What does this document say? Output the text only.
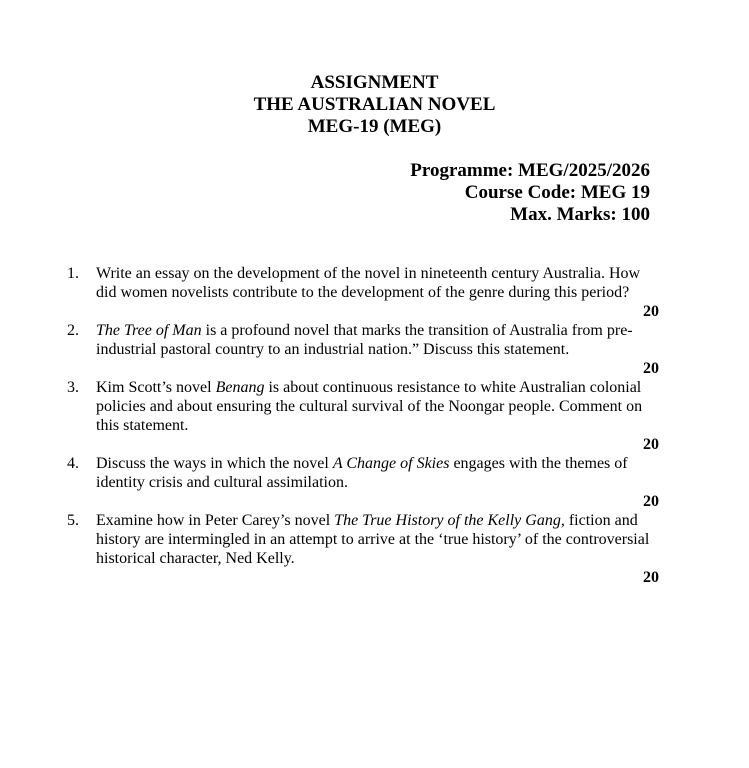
ASSIGNMENT
THE AUSTRALIAN NOVEL
MEG-19 (MEG)
Programme: MEG/2025/2026
Course Code: MEG 19
Max. Marks: 100
1. Write an essay on the development of the novel in nineteenth century Australia. How did women novelists contribute to the development of the genre during this period?
20
2. The Tree of Man is a profound novel that marks the transition of Australia from pre-industrial pastoral country to an industrial nation.” Discuss this statement.
20
3. Kim Scott’s novel Benang is about continuous resistance to white Australian colonial policies and about ensuring the cultural survival of the Noongar people. Comment on this statement.
20
4. Discuss the ways in which the novel A Change of Skies engages with the themes of identity crisis and cultural assimilation.
20
5. Examine how in Peter Carey’s novel The True History of the Kelly Gang, fiction and history are intermingled in an attempt to arrive at the ‘true history’ of the controversial historical character, Ned Kelly.
20
